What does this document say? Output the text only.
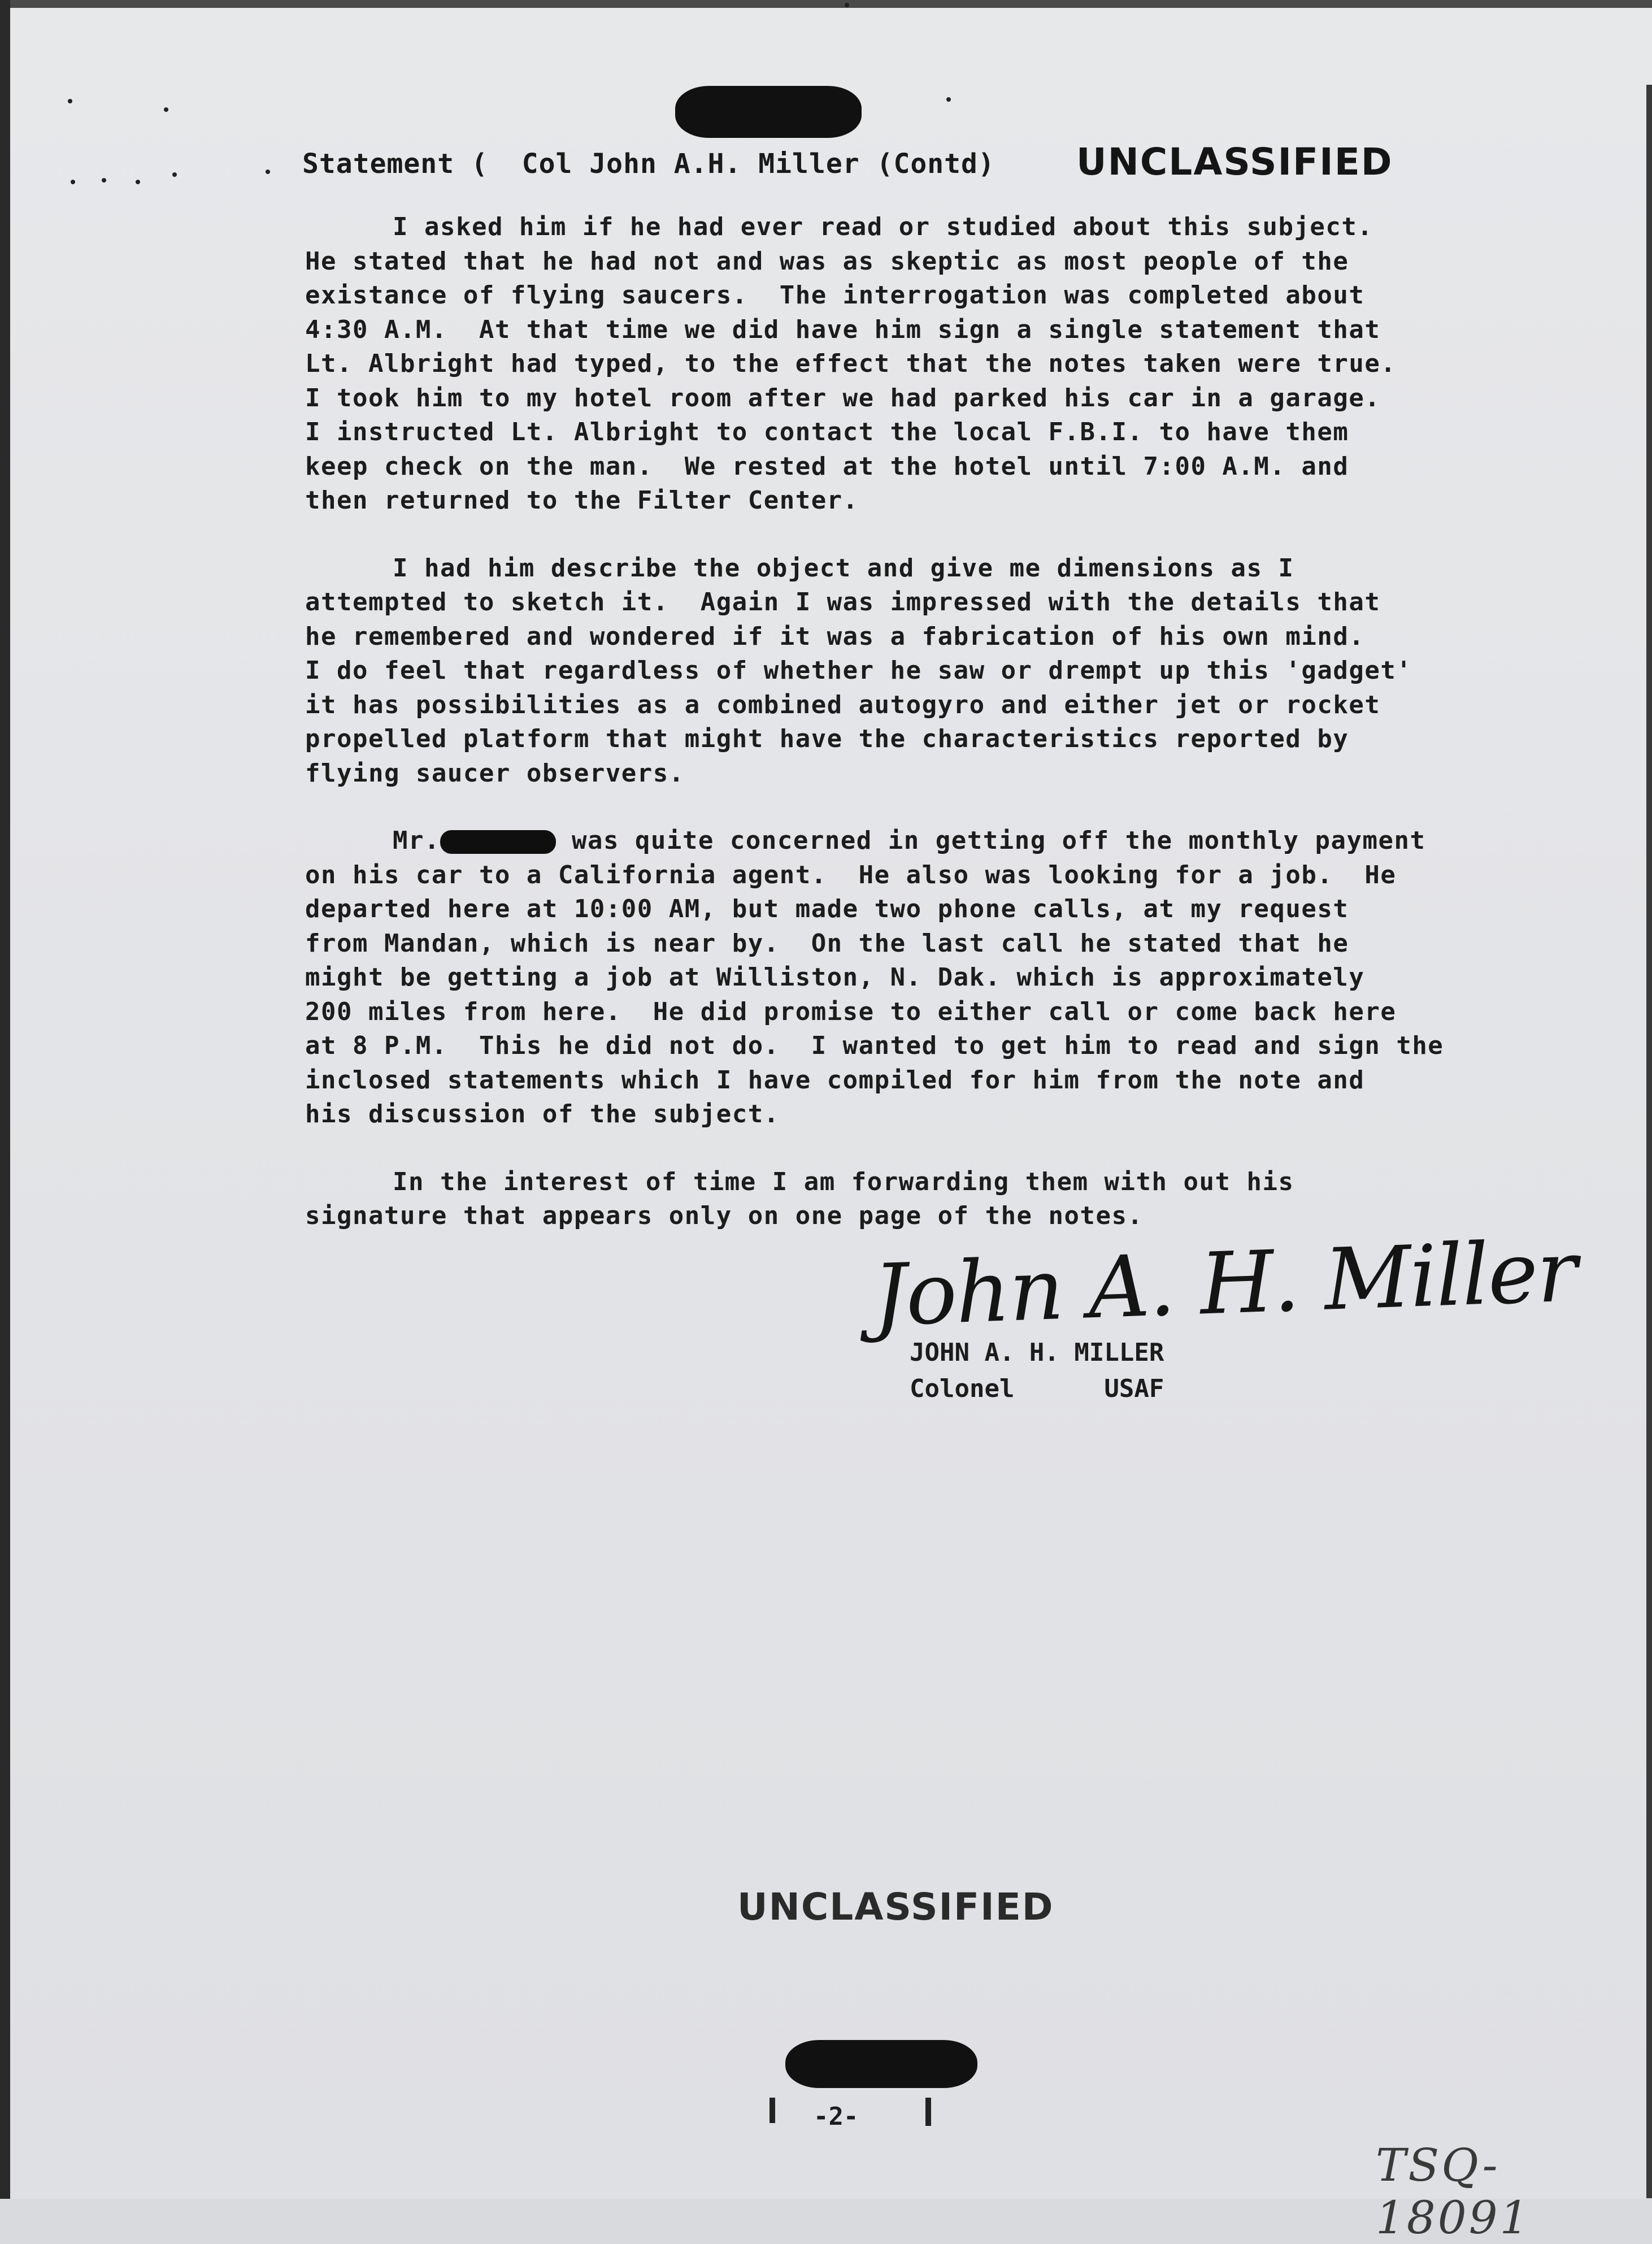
Statement (  Col John A.H. Miller (Contd) UNCLASSIFIED
I asked him if he had ever read or studied about this subject.
He stated that he had not and was as skeptic as most people of the
existance of flying saucers.  The interrogation was completed about
4:30 A.M.  At that time we did have him sign a single statement that
Lt. Albright had typed, to the effect that the notes taken were true.
I took him to my hotel room after we had parked his car in a garage.
I instructed Lt. Albright to contact the local F.B.I. to have them
keep check on the man.  We rested at the hotel until 7:00 A.M. and
then returned to the Filter Center.
I had him describe the object and give me dimensions as I
attempted to sketch it.  Again I was impressed with the details that
he remembered and wondered if it was a fabrication of his own mind.
I do feel that regardless of whether he saw or drempt up this 'gadget'
it has possibilities as a combined autogyro and either jet or rocket
propelled platform that might have the characteristics reported by
flying saucer observers.
Mr.	was quite concerned in getting off the monthly payment
on his car to a California agent.  He also was looking for a job.  He
departed here at 10:00 AM, but made two phone calls, at my request
from Mandan, which is near by.  On the last call he stated that he
might be getting a job at Williston, N. Dak. which is approximately
200 miles from here.  He did promise to either call or come back here
at 8 P.M.  This he did not do.  I wanted to get him to read and sign the
inclosed statements which I have compiled for him from the note and
his discussion of the subject.
In the interest of time I am forwarding them with out his
signature that appears only on one page of the notes.
John A. H. Miller
JOHN A. H. MILLER
Colonel	USAF
UNCLASSIFIED
-2-
TSQ-18091
